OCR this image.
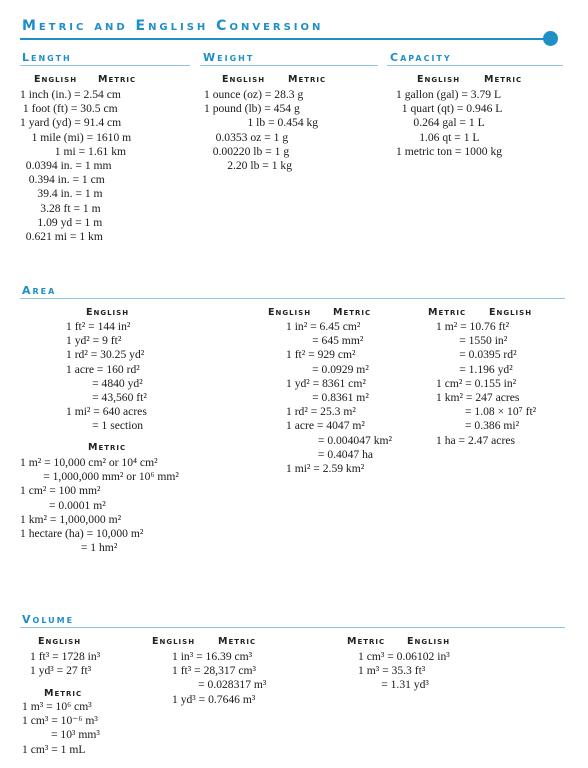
Metric and English Conversion
Length	Weight	Capacity
English Metric	English Metric	English	Metric
1 inch (in.) = 2.54 cm
1 foot (ft) = 30.5 cm
1 yard (yd) = 91.4 cm
1 mile (mi) = 1610 m
1 mi = 1.61 km
0.0394 in. = 1 mm
0.394 in. = 1 cm
39.4 in. = 1 m
3.28 ft = 1 m
1.09 yd = 1 m
0.621 mi = 1 km
1 ounce (oz) = 28.3 g
1 pound (lb) = 454 g
1 lb = 0.454 kg
0.0353 oz = 1 g
0.00220 lb = 1 g
2.20 lb = 1 kg
1 gallon (gal) = 3.79 L
1 quart (qt) = 0.946 L
0.264 gal = 1 L
1.06 qt = 1 L
1 metric ton = 1000 kg
Area
English	English Metric	Metric English
1 ft² = 144 in²
1 yd² = 9 ft²
1 rd² = 30.25 yd²
1 acre = 160 rd²
= 4840 yd²
= 43,560 ft²
1 mi² = 640 acres
= 1 section
Metric
1 m² = 10,000 cm² or 10⁴ cm²
= 1,000,000 mm² or 10⁶ mm²
1 cm² = 100 mm²
= 0.0001 m²
1 km² = 1,000,000 m²
1 hectare (ha) = 10,000 m²
= 1 hm²
1 in² = 6.45 cm²
= 645 mm²
1 ft² = 929 cm²
= 0.0929 m²
1 yd² = 8361 cm²
= 0.8361 m²
1 rd² = 25.3 m²
1 acre = 4047 m²
= 0.004047 km²
= 0.4047 ha
1 mi² = 2.59 km²
1 m² = 10.76 ft²
= 1550 in²
= 0.0395 rd²
= 1.196 yd²
1 cm² = 0.155 in²
1 km² = 247 acres
= 1.08 × 10⁷ ft²
= 0.386 mi²
1 ha = 2.47 acres
Volume
English	English Metric	Metric English
1 ft³ = 1728 in³
1 yd³ = 27 ft³
Metric
1 m³ = 10⁶ cm³
1 cm³ = 10⁻⁶ m³
= 10³ mm³
1 cm³ = 1 mL
1 in³ = 16.39 cm³
1 ft³ = 28,317 cm³
= 0.028317 m³
1 yd³ = 0.7646 m³
1 cm³ = 0.06102 in³
1 m³ = 35.3 ft³
= 1.31 yd³
